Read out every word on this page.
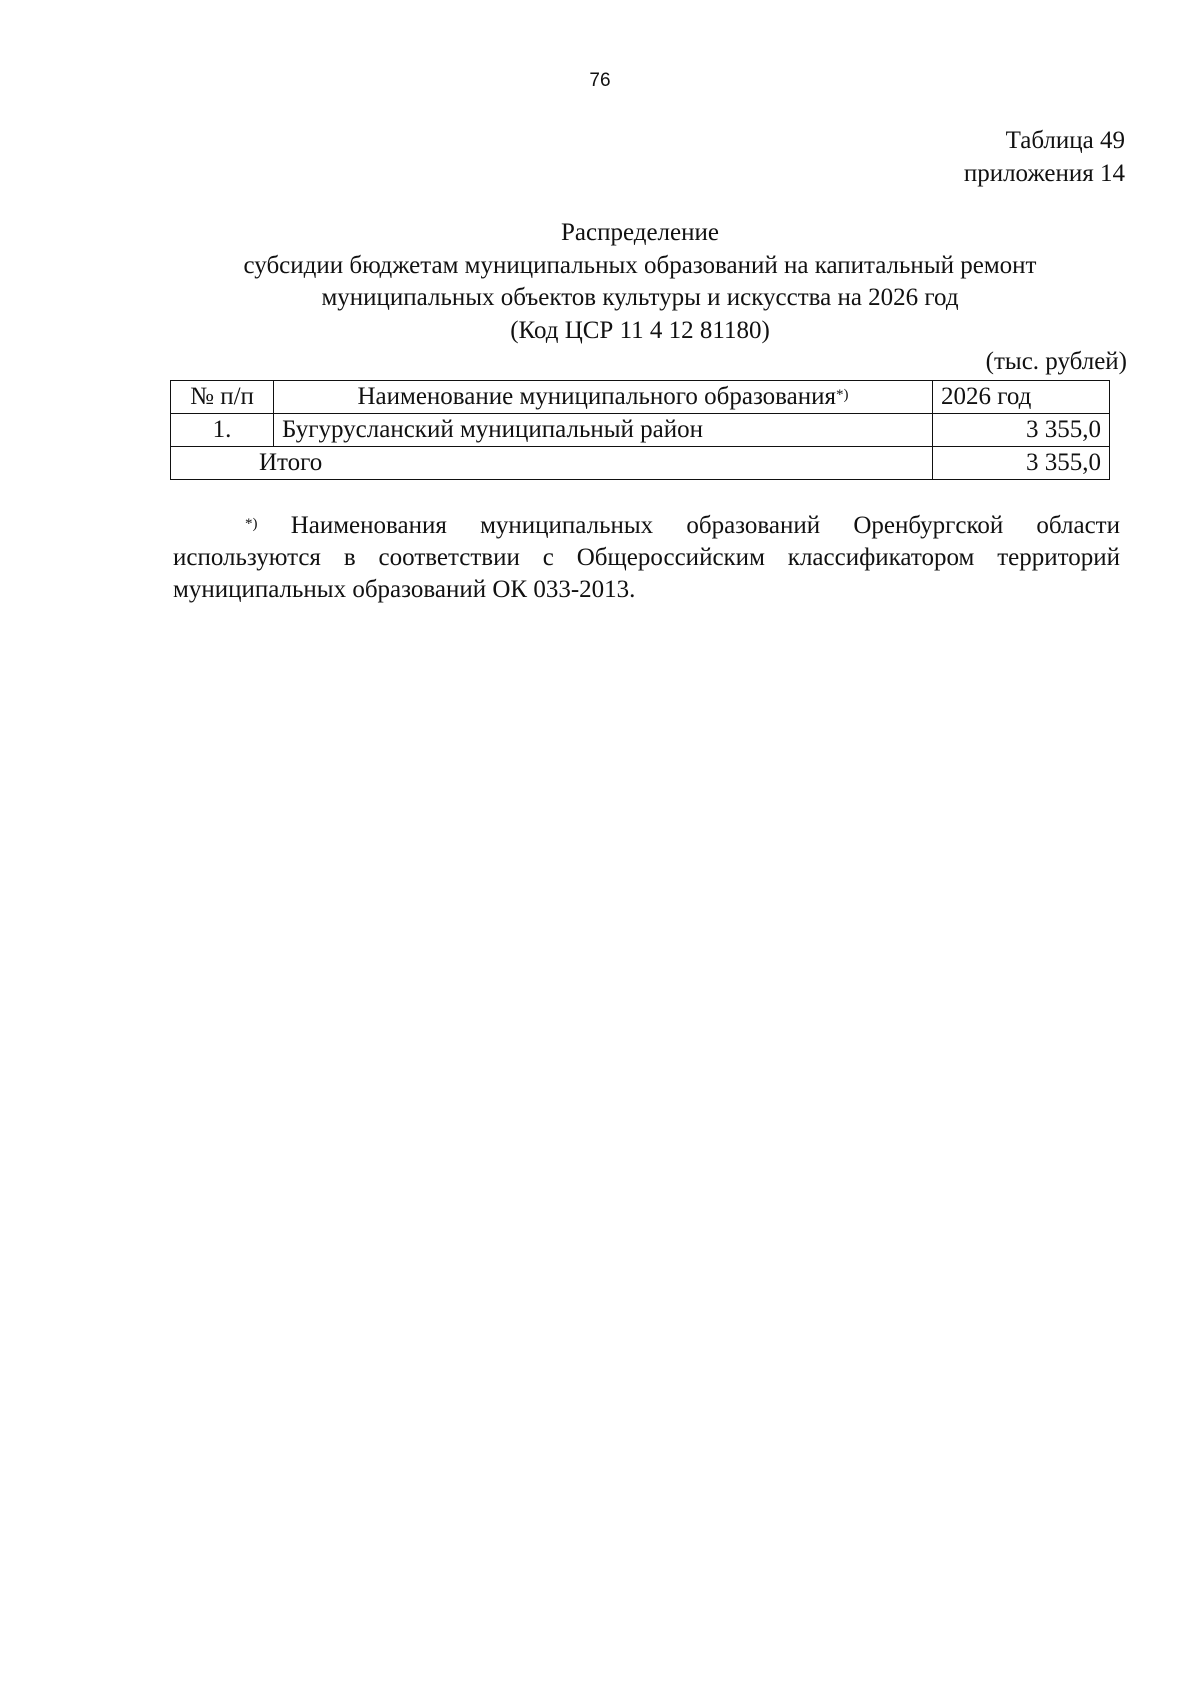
76
Таблица 49
приложения 14
Распределение
субсидии бюджетам муниципальных образований на капитальный ремонт
муниципальных объектов культуры и искусства на 2026 год
(Код ЦСР 11 4 12 81180)
(тыс. рублей)
№ п/п	Наименование муниципального образования*)	2026 год
1.	Бугурусланский муниципальный район	3 355,0
Итого		3 355,0

*) Наименования муниципальных образований Оренбургской области используются в соответствии с Общероссийским классификатором территорий муниципальных образований ОК 033-2013.
